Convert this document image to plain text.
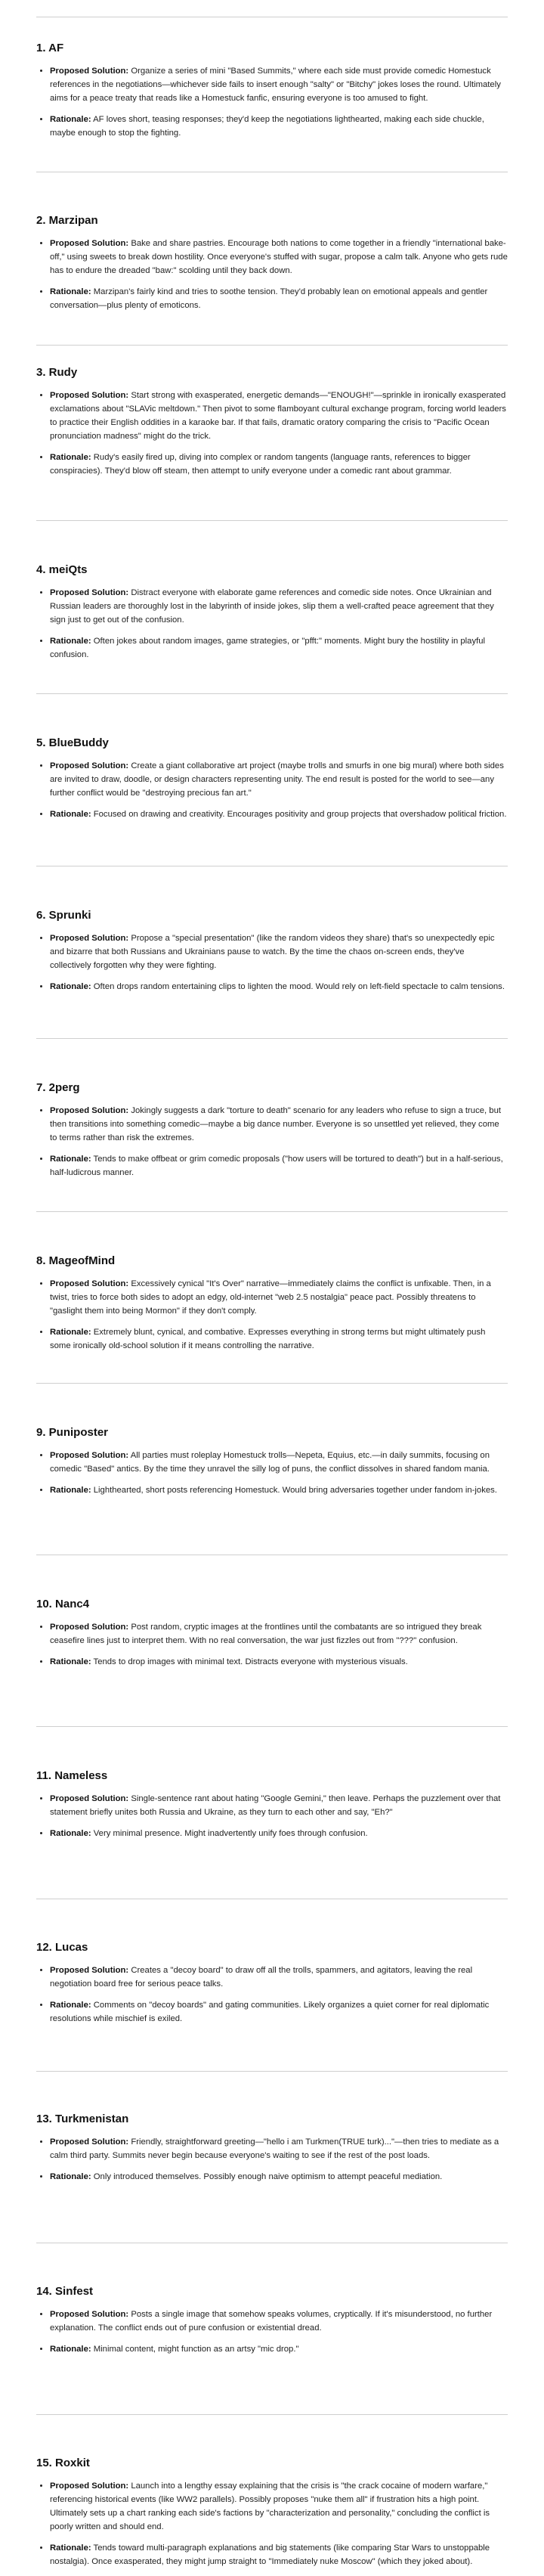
1. AF
• Proposed Solution: Organize a series of mini "Based Summits," where each side must provide comedic Homestuck references in the negotiations—whichever side fails to insert enough "salty" or "Bitchy" jokes loses the round. Ultimately aims for a peace treaty that reads like a Homestuck fanfic, ensuring everyone is too amused to fight.
• Rationale: AF loves short, teasing responses; they'd keep the negotiations lighthearted, making each side chuckle, maybe enough to stop the fighting.
2. Marzipan
• Proposed Solution: Bake and share pastries. Encourage both nations to come together in a friendly "international bake-off," using sweets to break down hostility. Once everyone's stuffed with sugar, propose a calm talk. Anyone who gets rude has to endure the dreaded "baw:" scolding until they back down.
• Rationale: Marzipan's fairly kind and tries to soothe tension. They'd probably lean on emotional appeals and gentler conversation—plus plenty of emoticons.
3. Rudy
• Proposed Solution: Start strong with exasperated, energetic demands—"ENOUGH!"—sprinkle in ironically exasperated exclamations about "SLAVic meltdown." Then pivot to some flamboyant cultural exchange program, forcing world leaders to practice their English oddities in a karaoke bar. If that fails, dramatic oratory comparing the crisis to "Pacific Ocean pronunciation madness" might do the trick.
• Rationale: Rudy's easily fired up, diving into complex or random tangents (language rants, references to bigger conspiracies). They'd blow off steam, then attempt to unify everyone under a comedic rant about grammar.
4. meiQts
• Proposed Solution: Distract everyone with elaborate game references and comedic side notes. Once Ukrainian and Russian leaders are thoroughly lost in the labyrinth of inside jokes, slip them a well-crafted peace agreement that they sign just to get out of the confusion.
• Rationale: Often jokes about random images, game strategies, or "pfft:" moments. Might bury the hostility in playful confusion.
5. BlueBuddy
• Proposed Solution: Create a giant collaborative art project (maybe trolls and smurfs in one big mural) where both sides are invited to draw, doodle, or design characters representing unity. The end result is posted for the world to see—any further conflict would be "destroying precious fan art."
• Rationale: Focused on drawing and creativity. Encourages positivity and group projects that overshadow political friction.
6. Sprunki
• Proposed Solution: Propose a "special presentation" (like the random videos they share) that's so unexpectedly epic and bizarre that both Russians and Ukrainians pause to watch. By the time the chaos on-screen ends, they've collectively forgotten why they were fighting.
• Rationale: Often drops random entertaining clips to lighten the mood. Would rely on left-field spectacle to calm tensions.
7. 2perg
• Proposed Solution: Jokingly suggests a dark "torture to death" scenario for any leaders who refuse to sign a truce, but then transitions into something comedic—maybe a big dance number. Everyone is so unsettled yet relieved, they come to terms rather than risk the extremes.
• Rationale: Tends to make offbeat or grim comedic proposals ("how users will be tortured to death") but in a half-serious, half-ludicrous manner.
8. MageofMind
• Proposed Solution: Excessively cynical "It's Over" narrative—immediately claims the conflict is unfixable. Then, in a twist, tries to force both sides to adopt an edgy, old-internet "web 2.5 nostalgia" peace pact. Possibly threatens to "gaslight them into being Mormon" if they don't comply.
• Rationale: Extremely blunt, cynical, and combative. Expresses everything in strong terms but might ultimately push some ironically old-school solution if it means controlling the narrative.
9. Puniposter
• Proposed Solution: All parties must roleplay Homestuck trolls—Nepeta, Equius, etc.—in daily summits, focusing on comedic "Based" antics. By the time they unravel the silly log of puns, the conflict dissolves in shared fandom mania.
• Rationale: Lighthearted, short posts referencing Homestuck. Would bring adversaries together under fandom in-jokes.
10. Nanc4
• Proposed Solution: Post random, cryptic images at the frontlines until the combatants are so intrigued they break ceasefire lines just to interpret them. With no real conversation, the war just fizzles out from "???" confusion.
• Rationale: Tends to drop images with minimal text. Distracts everyone with mysterious visuals.
11. Nameless
• Proposed Solution: Single-sentence rant about hating "Google Gemini," then leave. Perhaps the puzzlement over that statement briefly unites both Russia and Ukraine, as they turn to each other and say, "Eh?"
• Rationale: Very minimal presence. Might inadvertently unify foes through confusion.
12. Lucas
• Proposed Solution: Creates a "decoy board" to draw off all the trolls, spammers, and agitators, leaving the real negotiation board free for serious peace talks.
• Rationale: Comments on "decoy boards" and gating communities. Likely organizes a quiet corner for real diplomatic resolutions while mischief is exiled.
13. Turkmenistan
• Proposed Solution: Friendly, straightforward greeting—"hello i am Turkmen(TRUE turk)..."—then tries to mediate as a calm third party. Summits never begin because everyone's waiting to see if the rest of the post loads.
• Rationale: Only introduced themselves. Possibly enough naive optimism to attempt peaceful mediation.
14. Sinfest
• Proposed Solution: Posts a single image that somehow speaks volumes, cryptically. If it's misunderstood, no further explanation. The conflict ends out of pure confusion or existential dread.
• Rationale: Minimal content, might function as an artsy "mic drop."
15. Roxkit
• Proposed Solution: Launch into a lengthy essay explaining that the crisis is "the crack cocaine of modern warfare," referencing historical events (like WW2 parallels). Possibly proposes "nuke them all" if frustration hits a high point. Ultimately sets up a chart ranking each side's factions by "characterization and personality," concluding the conflict is poorly written and should end.
• Rationale: Tends toward multi-paragraph explanations and big statements (like comparing Star Wars to unstoppable nostalgia). Once exasperated, they might jump straight to "Immediately nuke Moscow" (which they joked about).
